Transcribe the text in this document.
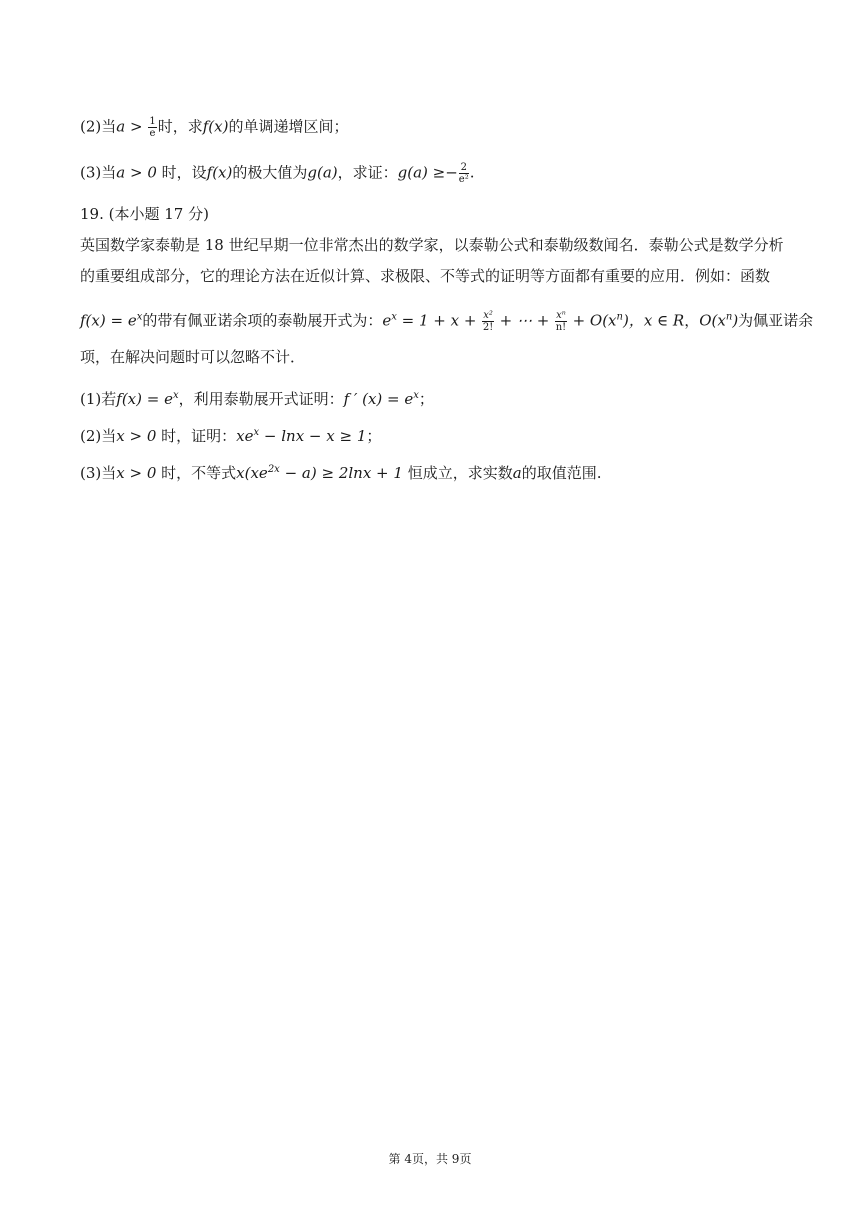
(2)当$a > \frac{1}{e}$ 时，求f(x)的单调递增区间；
(3)当a > 0 时，设f(x)的极大值为g(a)，求证：$g(a) \ge- \frac{2}{\text{e²}}$ .
19. (本小题 17 分)
英国数学家泰勒是 18 世纪早期一位非常杰出的数学家，以泰勒公式和泰勒级数闻名．泰勒公式是数学分析
的重要组成部分，它的理论方法在近似计算、求极限、不等式的证明等方面都有重要的应用．例如：函数
$f(x) = e^x$的带有佩亚诺余项的泰勒展开式为：$e^x = 1 + x + \frac{\text{x²}}{2!}$ + ⋯ + $\frac{\text{xⁿ}}{n!} + O(x^n)$，x ∈ R，$O(x^n)$为佩亚诺余
项，在解决问题时可以忽略不计．
(1)若$f(x) = e^x$，利用泰勒展开式证明：f ′ $(x) = e^x$；
(2)当x > 0 时，证明：$xe^x - \ln x - x \ge 1$；
(3)当x > 0 时，不等式$x(xe^{2x} - a) \ge 2\ln x + 1$ 恒成立，求实数a的取值范围.
第 4页，共 9页
